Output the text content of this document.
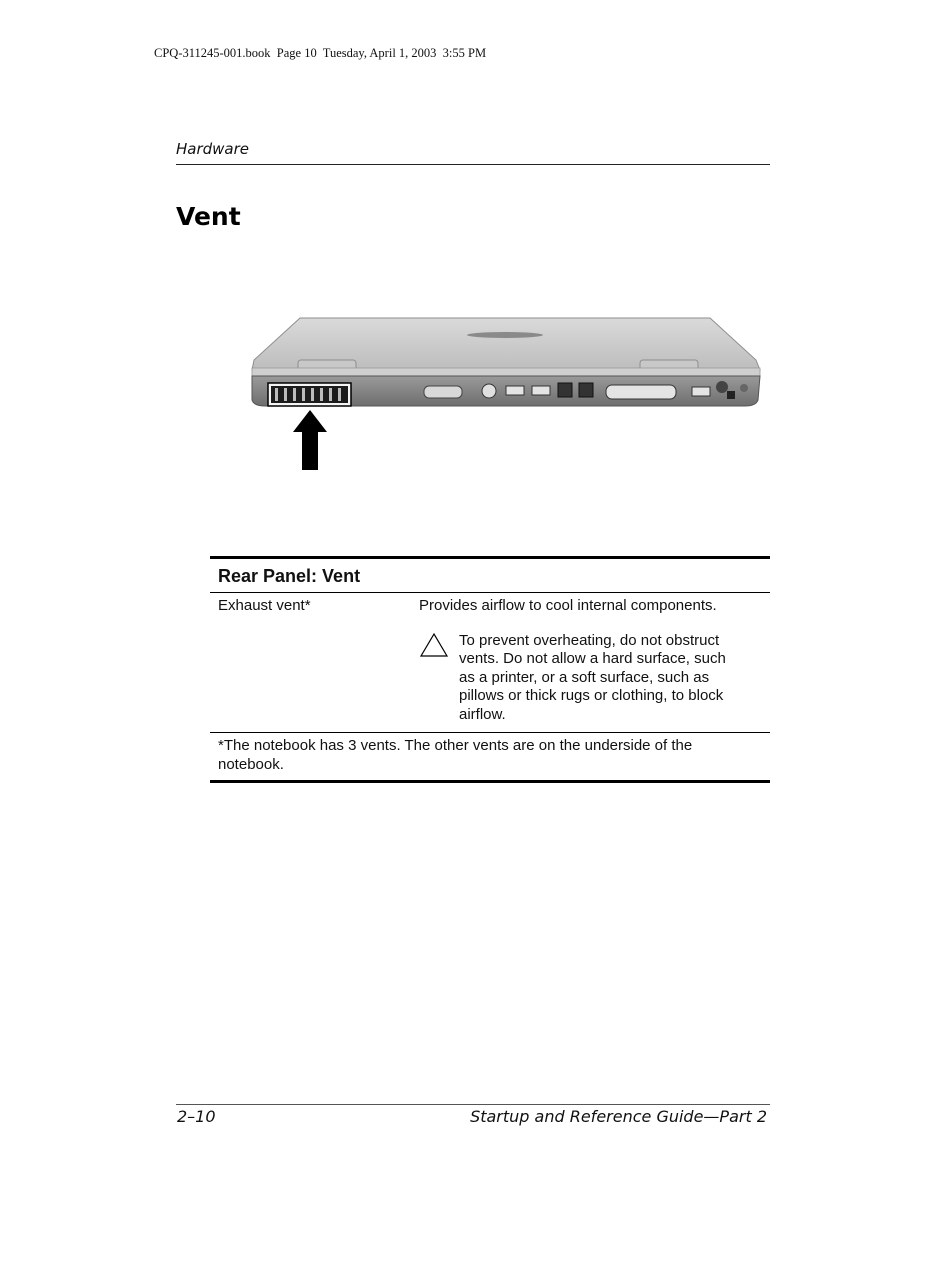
CPQ-311245-001.book  Page 10  Tuesday, April 1, 2003  3:55 PM
Hardware
Vent
Rear Panel: Vent
Exhaust vent*	Provides airflow to cool internal components.
To prevent overheating, do not obstruct vents. Do not allow a hard surface, such as a printer, or a soft surface, such as pillows or thick rugs or clothing, to block airflow.
*The notebook has 3 vents. The other vents are on the underside of the notebook.
2–10	Startup and Reference Guide—Part 2
